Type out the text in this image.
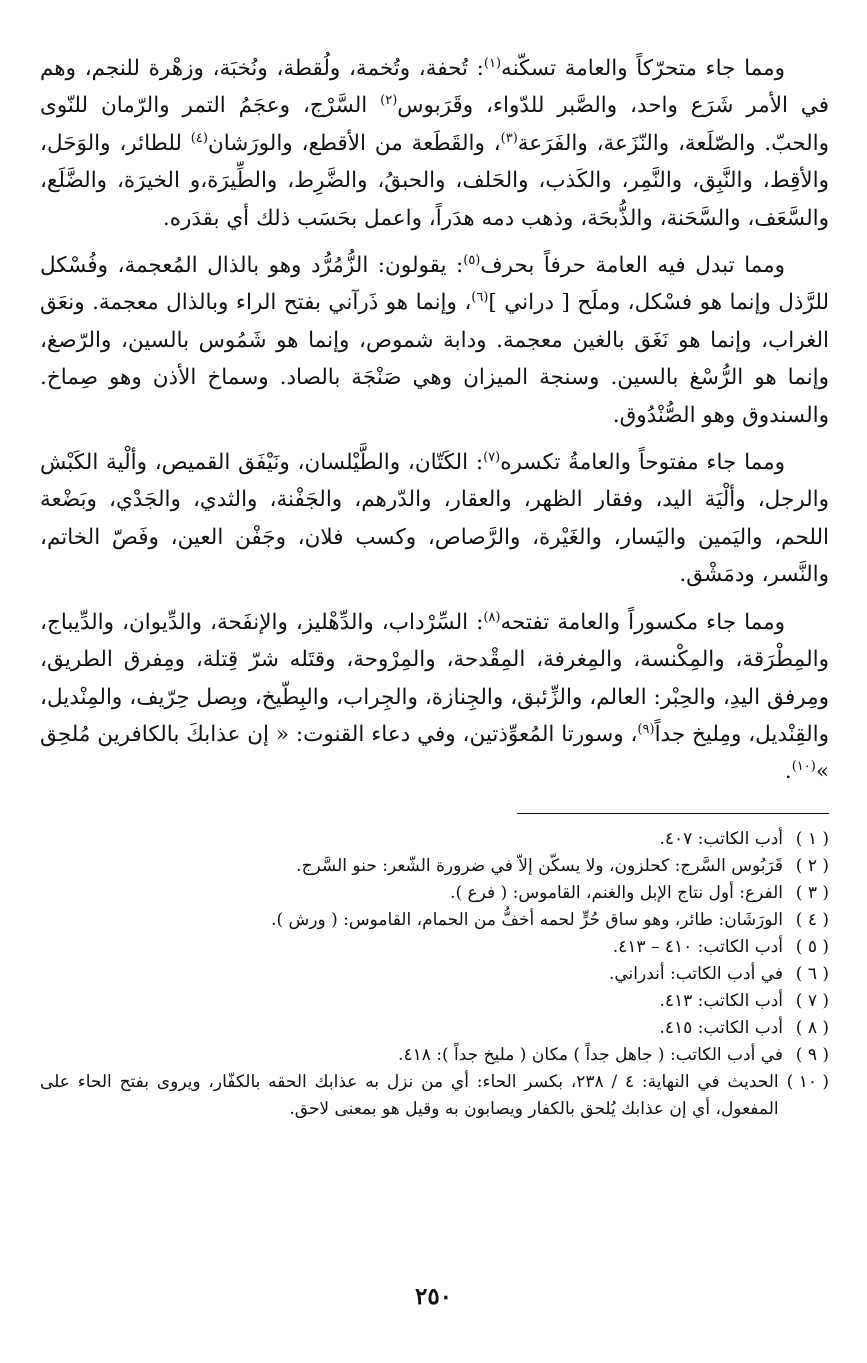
ومما جاء متحرّكاً والعامة تسكّنه$^{(١)}$: تُحفة، وتُخمة، ولُقطة، ونُخبَة، وزهْرة للنجم، وهم في الأمر شَرَع واحد، والصَّبر للدّواء، وقَرَبوس$^{(٢)}$ السَّرْج، وعجَمُ التمر والرّمان للنّوى والحبّ. والصّلَعة، والنّزَعة، والفَرَعة$^{(٣)}$، والقَطَعة من الأقطع، والورَشان$^{(٤)}$ للطائر، والوَحَل، والأقِط، والنَّبِق، والنَّمِر، والكَذب، والحَلف، والحبقُ، والضَّرِط، والطِّيرَة،و الخيرَة، والضَّلَع، والسَّعَف، والسَّحَنة، والذُّبحَة، وذهب دمه هدَراً، واعمل بحَسَب ذلك أي بقدَره.

ومما تبدل فيه العامة حرفاً بحرف$^{(٥)}$: يقولون: الزُّمُرُّد وهو بالذال المُعجمة، وفُسْكل للرَّذل وإنما هو فسْكل، وملَح [ دراني ]$^{(٦)}$، وإنما هو ذَرآني بفتح الراء وبالذال معجمة. ونعَق الغراب، وإنما هو نَغَق بالغين معجمة. ودابة شموص، وإنما هو شَمُوس بالسين، والرّصغ، وإنما هو الرُّسْغ بالسين. وسنجة الميزان وهي صَنْجَة بالصاد. وسماخ الأذن وهو صِماخ. والسندوق وهو الصُّنْدُوق.

ومما جاء مفتوحاً والعامةُ تكسره$^{(٧)}$: الكَتّان، والطَّيْلسان، ونَيْفَق القميص، وألْية الكَبْش والرجل، وألْيَة اليد، وفقار الظهر، والعقار، والدّرهم، والجَفْنة، والثدي، والجَدْي، وبَضْعة اللحم، واليَمين واليَسار، والغَيْرة، والرَّصاص، وكسب فلان، وجَفْن العين، وفَصّ الخاتم، والنَّسر، ودمَشْق.

ومما جاء مكسوراً والعامة تفتحه$^{(٨)}$: السِّرْداب، والدِّهْليز، والإنفَحة، والدِّيوان، والدِّيباج، والمِطْرَقة، والمِكْنسة، والمِغرفة، المِقْدحة، والمِرْوحة، وقتَله شرّ قِتلة، ومِفرق الطريق، ومِرفق اليدِ، والحِبْر: العالم، والزِّئبق، والجِنازة، والجِراب، والبِطّيخ، وبِصل حِرّيف، والمِنْديل، والقِنْديل، ومِليخ جداً$^{(٩)}$، وسورتا المُعوِّذتين، وفي دعاء القنوت: « إن عذابكَ بالكافرين مُلحِق »$^{(١٠)}$.

( ١ )
أدب الكاتب: ٤٠٧.

( ٢ )
قَرَبُوس السَّرج: كحلزون، ولا يسكّن إلاّ في ضرورة الشّعر: حنو السَّرج.

( ٣ )
الفرع: أول نتاج الإبل والغنم، القاموس: ( فرع ).

( ٤ )
الورَشَان: طائر، وهو ساق حُرٍّ لحمه أخفُّ من الحمام، القاموس: ( ورش ).

( ٥ )
أدب الكاتب: ٤١٠ – ٤١٣.

( ٦ )
في أدب الكاتب: أندراني.

( ٧ )
أدب الكاتب: ٤١٣.

( ٨ )
أدب الكاتب: ٤١٥.

( ٩ )
في أدب الكاتب: ( جاهل جداً ) مكان ( مليخ جداً ): ٤١٨.

( ١٠ )
الحديث في النهاية: ٤ / ٢٣٨، بكسر الحاء: أي من نزل به عذابك الحقه بالكفّار، ويروى بفتح الحاء على المفعول، أي إن عذابك يُلحق بالكفار ويصابون به وقيل هو بمعنى لاحق.

٢٥٠
